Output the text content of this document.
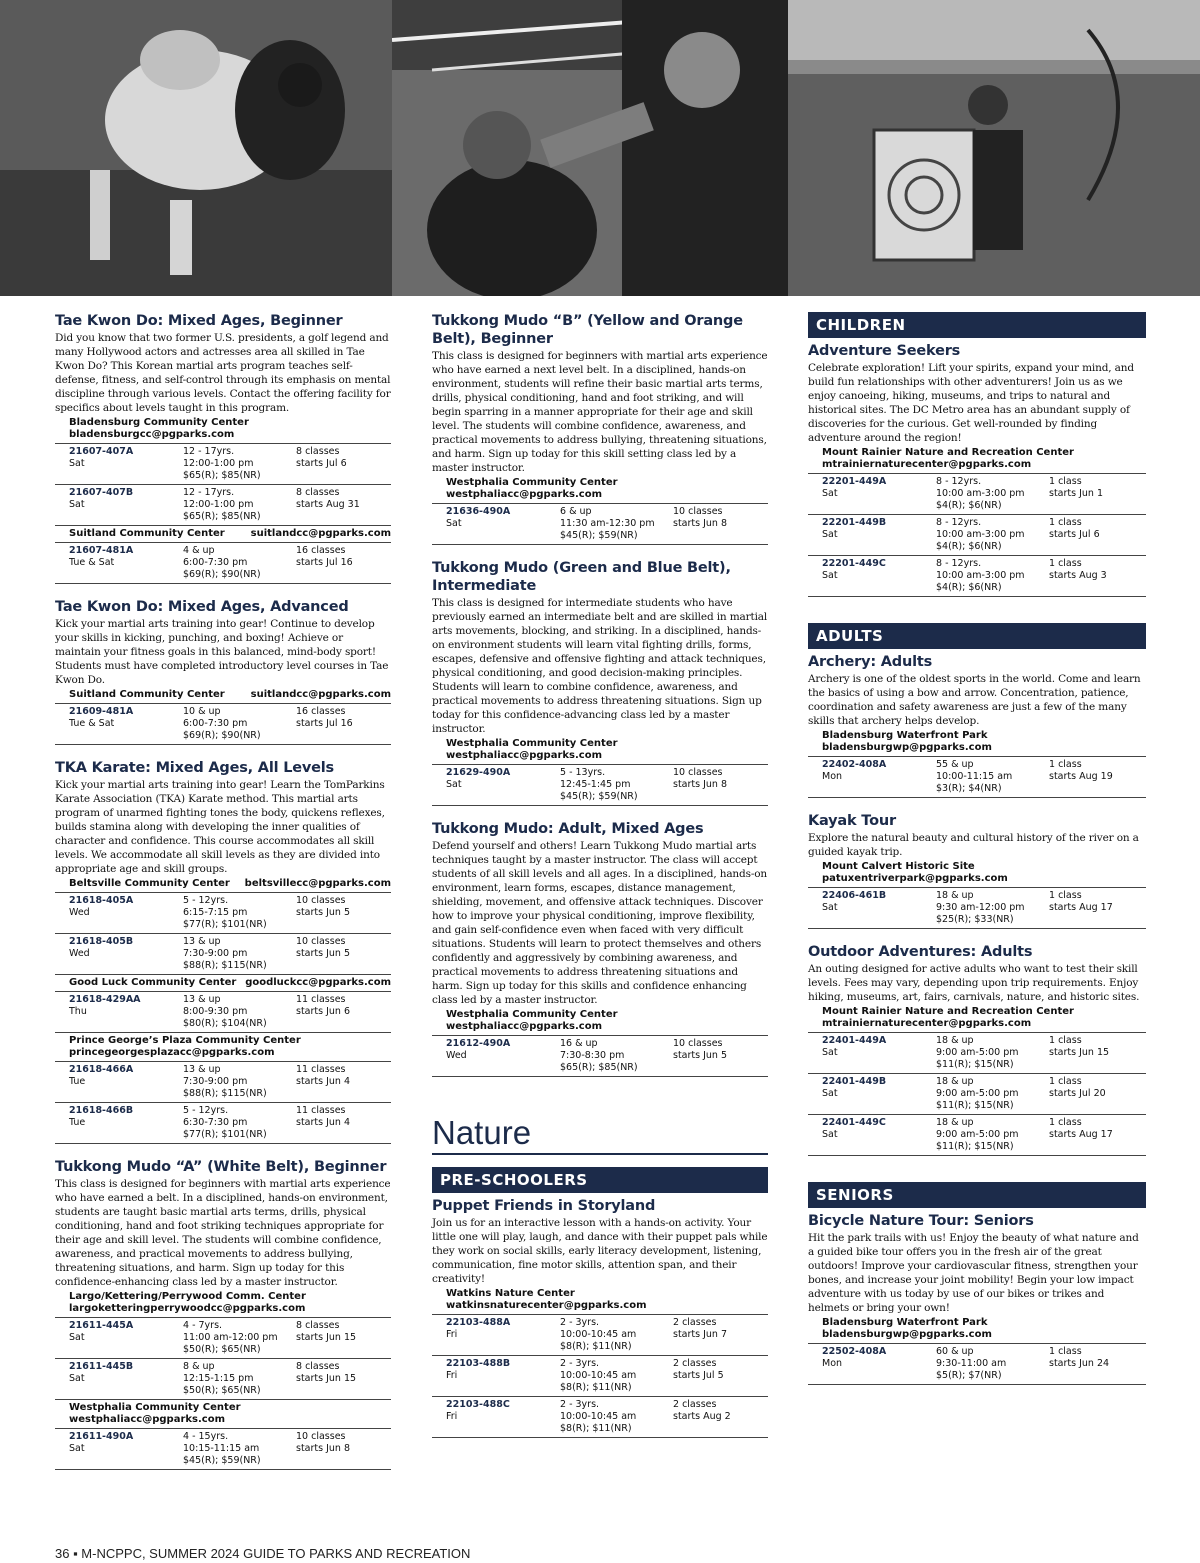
Tae Kwon Do: Mixed Ages, Beginner
Did you know that two former U.S. presidents, a golf legend and many Hollywood actors and actresses area all skilled in Tae Kwon Do? This Korean martial arts program teaches self-defense, fitness, and self-control through its emphasis on mental discipline through various levels. Contact the offering facility for specifics about levels taught in this program.
Bladensburg Community Center
bladensburgcc@pgparks.com
21607-407A
Sat
12 - 17yrs.
12:00-1:00 pm
$65(R); $85(NR)
8 classes
starts Jul 6
21607-407B
Sat
12 - 17yrs.
12:00-1:00 pm
$65(R); $85(NR)
8 classes
starts Aug 31
Suitland Community Center	suitlandcc@pgparks.com
21607-481A
Tue & Sat
4 & up
6:00-7:30 pm
$69(R); $90(NR)
16 classes
starts Jul 16
Tae Kwon Do: Mixed Ages, Advanced
Kick your martial arts training into gear! Continue to develop your skills in kicking, punching, and boxing! Achieve or maintain your fitness goals in this balanced, mind-body sport! Students must have completed introductory level courses in Tae Kwon Do.
Suitland Community Center	suitlandcc@pgparks.com
21609-481A
Tue & Sat
10 & up
6:00-7:30 pm
$69(R); $90(NR)
16 classes
starts Jul 16
TKA Karate: Mixed Ages, All Levels
Kick your martial arts training into gear! Learn the TomParkins Karate Association (TKA) Karate method. This martial arts program of unarmed fighting tones the body, quickens reflexes, builds stamina along with developing the inner qualities of character and confidence. This course accommodates all skill levels. We accommodate all skill levels as they are divided into appropriate age and skill groups.
Beltsville Community Center beltsvillecc@pgparks.com
21618-405A
Wed
5 - 12yrs.
6:15-7:15 pm
$77(R); $101(NR)
10 classes
starts Jun 5
21618-405B
Wed
13 & up
7:30-9:00 pm
$88(R); $115(NR)
10 classes
starts Jun 5
Good Luck Community Center goodluckcc@pgparks.com
21618-429AA
Thu
13 & up
8:00-9:30 pm
$80(R); $104(NR)
11 classes
starts Jun 6
Prince George’s Plaza Community Center
princegeorgesplazacc@pgparks.com
21618-466A
Tue
13 & up
7:30-9:00 pm
$88(R); $115(NR)
11 classes
starts Jun 4
21618-466B
Tue
5 - 12yrs.
6:30-7:30 pm
$77(R); $101(NR)
11 classes
starts Jun 4
Tukkong Mudo “A” (White Belt), Beginner
This class is designed for beginners with martial arts experience who have earned a belt. In a disciplined, hands-on environment, students are taught basic martial arts terms, drills, physical conditioning, hand and foot striking techniques appropriate for their age and skill level. The students will combine confidence, awareness, and practical movements to address bullying, threatening situations, and harm. Sign up today for this confidence-enhancing class led by a master instructor.
Largo/Kettering/Perrywood Comm. Center
largoketteringperrywoodcc@pgparks.com
21611-445A
Sat
4 - 7yrs.
11:00 am-12:00 pm
$50(R); $65(NR)
8 classes
starts Jun 15
21611-445B
Sat
8 & up
12:15-1:15 pm
$50(R); $65(NR)
8 classes
starts Jun 15
Westphalia Community Center
westphaliacc@pgparks.com
21611-490A
Sat
4 - 15yrs.
10:15-11:15 am
$45(R); $59(NR)
10 classes
starts Jun 8
Tukkong Mudo “B” (Yellow and Orange Belt), Beginner
This class is designed for beginners with martial arts experience who have earned a next level belt. In a disciplined, hands-on environment, students will refine their basic martial arts terms, drills, physical conditioning, hand and foot striking, and will begin sparring in a manner appropriate for their age and skill level. The students will combine confidence, awareness, and practical movements to address bullying, threatening situations, and harm. Sign up today for this skill setting class led by a master instructor.
Westphalia Community Center
westphaliacc@pgparks.com
21636-490A
Sat
6 & up
11:30 am-12:30 pm
$45(R); $59(NR)
10 classes
starts Jun 8
Tukkong Mudo (Green and Blue Belt), Intermediate
This class is designed for intermediate students who have previously earned an intermediate belt and are skilled in martial arts movements, blocking, and striking. In a disciplined, hands-on environment students will learn vital fighting drills, forms, escapes, defensive and offensive fighting and attack techniques, physical conditioning, and good decision-making principles. Students will learn to combine confidence, awareness, and practical movements to address threatening situations. Sign up today for this confidence-advancing class led by a master instructor.
Westphalia Community Center
westphaliacc@pgparks.com
21629-490A
Sat
5 - 13yrs.
12:45-1:45 pm
$45(R); $59(NR)
10 classes
starts Jun 8
Tukkong Mudo: Adult, Mixed Ages
Defend yourself and others! Learn Tukkong Mudo martial arts techniques taught by a master instructor. The class will accept students of all skill levels and all ages. In a disciplined, hands-on environment, learn forms, escapes, distance management, shielding, movement, and offensive attack techniques. Discover how to improve your physical conditioning, improve flexibility, and gain self-confidence even when faced with very difficult situations. Students will learn to protect themselves and others confidently and aggressively by combining awareness, and practical movements to address threatening situations and harm. Sign up today for this skills and confidence enhancing class led by a master instructor.
Westphalia Community Center
westphaliacc@pgparks.com
21612-490A
Wed
16 & up
7:30-8:30 pm
$65(R); $85(NR)
10 classes
starts Jun 5
Nature
PRE-SCHOOLERS
Puppet Friends in Storyland
Join us for an interactive lesson with a hands-on activity. Your little one will play, laugh, and dance with their puppet pals while they work on social skills, early literacy development, listening, communication, fine motor skills, attention span, and their creativity!
Watkins Nature Center
watkinsnaturecenter@pgparks.com
22103-488A
Fri
2 - 3yrs.
10:00-10:45 am
$8(R); $11(NR)
2 classes
starts Jun 7
22103-488B
Fri
2 - 3yrs.
10:00-10:45 am
$8(R); $11(NR)
2 classes
starts Jul 5
22103-488C
Fri
2 - 3yrs.
10:00-10:45 am
$8(R); $11(NR)
2 classes
starts Aug 2
CHILDREN
Adventure Seekers
Celebrate exploration! Lift your spirits, expand your mind, and build fun relationships with other adventurers! Join us as we enjoy canoeing, hiking, museums, and trips to natural and historical sites. The DC Metro area has an abundant supply of discoveries for the curious. Get well-rounded by finding adventure around the region!
Mount Rainier Nature and Recreation Center
mtrainiernaturecenter@pgparks.com
22201-449A
Sat
8 - 12yrs.
10:00 am-3:00 pm
$4(R); $6(NR)
1 class
starts Jun 1
22201-449B
Sat
8 - 12yrs.
10:00 am-3:00 pm
$4(R); $6(NR)
1 class
starts Jul 6
22201-449C
Sat
8 - 12yrs.
10:00 am-3:00 pm
$4(R); $6(NR)
1 class
starts Aug 3
ADULTS
Archery: Adults
Archery is one of the oldest sports in the world. Come and learn the basics of using a bow and arrow. Concentration, patience, coordination and safety awareness are just a few of the many skills that archery helps develop.
Bladensburg Waterfront Park
bladensburgwp@pgparks.com
22402-408A
Mon
55 & up
10:00-11:15 am
$3(R); $4(NR)
1 class
starts Aug 19
Kayak Tour
Explore the natural beauty and cultural history of the river on a guided kayak trip.
Mount Calvert Historic Site
patuxentriverpark@pgparks.com
22406-461B
Sat
18 & up
9:30 am-12:00 pm
$25(R); $33(NR)
1 class
starts Aug 17
Outdoor Adventures: Adults
An outing designed for active adults who want to test their skill levels. Fees may vary, depending upon trip requirements. Enjoy hiking, museums, art, fairs, carnivals, nature, and historic sites.
Mount Rainier Nature and Recreation Center
mtrainiernaturecenter@pgparks.com
22401-449A
Sat
18 & up
9:00 am-5:00 pm
$11(R); $15(NR)
1 class
starts Jun 15
22401-449B
Sat
18 & up
9:00 am-5:00 pm
$11(R); $15(NR)
1 class
starts Jul 20
22401-449C
Sat
18 & up
9:00 am-5:00 pm
$11(R); $15(NR)
1 class
starts Aug 17
SENIORS
Bicycle Nature Tour: Seniors
Hit the park trails with us! Enjoy the beauty of what nature and a guided bike tour offers you in the fresh air of the great outdoors! Improve your cardiovascular fitness, strengthen your bones, and increase your joint mobility! Begin your low impact adventure with us today by use of our bikes or trikes and helmets or bring your own!
Bladensburg Waterfront Park
bladensburgwp@pgparks.com
22502-408A
Mon
60 & up
9:30-11:00 am
$5(R); $7(NR)
1 class
starts Jun 24
36 ▪ M-NCPPC, SUMMER 2024 GUIDE TO PARKS AND RECREATION
